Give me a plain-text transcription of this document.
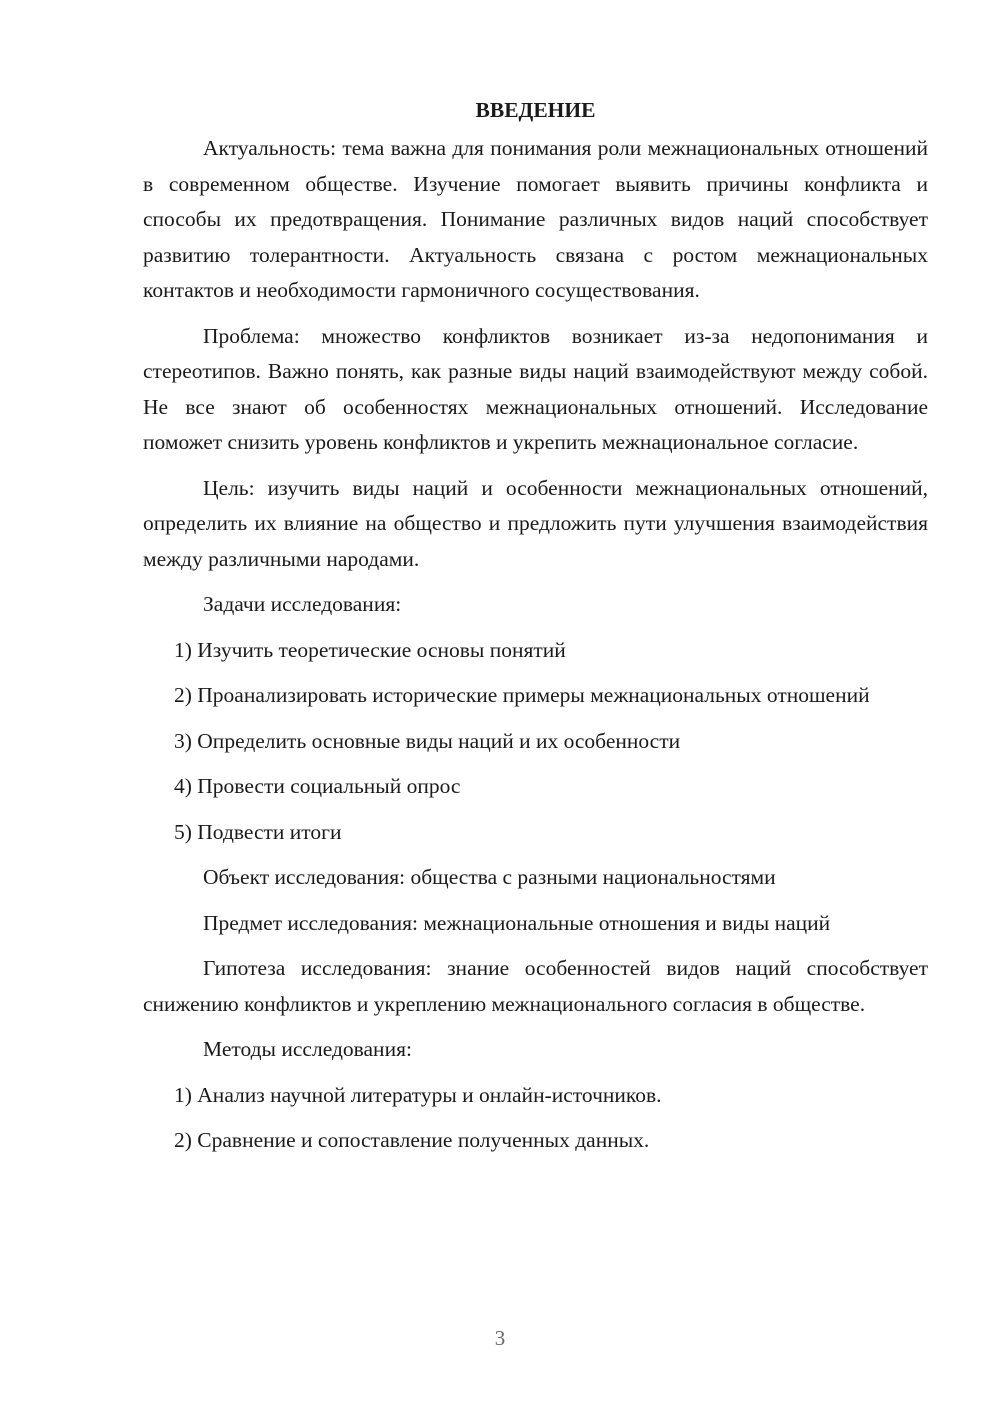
ВВЕДЕНИЕ

Актуальность: тема важна для понимания роли межнациональных отношений в современном обществе. Изучение помогает выявить причины конфликта и способы их предотвращения. Понимание различных видов наций способствует развитию толерантности. Актуальность связана с ростом межнациональных контактов и необходимости гармоничного сосуществования.

Проблема: множество конфликтов возникает из-за недопонимания и стереотипов. Важно понять, как разные виды наций взаимодействуют между собой. Не все знают об особенностях межнациональных отношений. Исследование поможет снизить уровень конфликтов и укрепить межнациональное согласие.

Цель: изучить виды наций и особенности межнациональных отношений, определить их влияние на общество и предложить пути улучшения взаимодействия между различными народами.

Задачи исследования:

1) Изучить теоретические основы понятий

2) Проанализировать исторические примеры межнациональных отношений

3) Определить основные виды наций и их особенности

4) Провести социальный опрос

5) Подвести итоги

Объект исследования: общества с разными национальностями

Предмет исследования: межнациональные отношения и виды наций

Гипотеза исследования: знание особенностей видов наций способствует снижению конфликтов и укреплению межнационального согласия в обществе.

Методы исследования:

1) Анализ научной литературы и онлайн-источников.

2) Сравнение и сопоставление полученных данных.

3
